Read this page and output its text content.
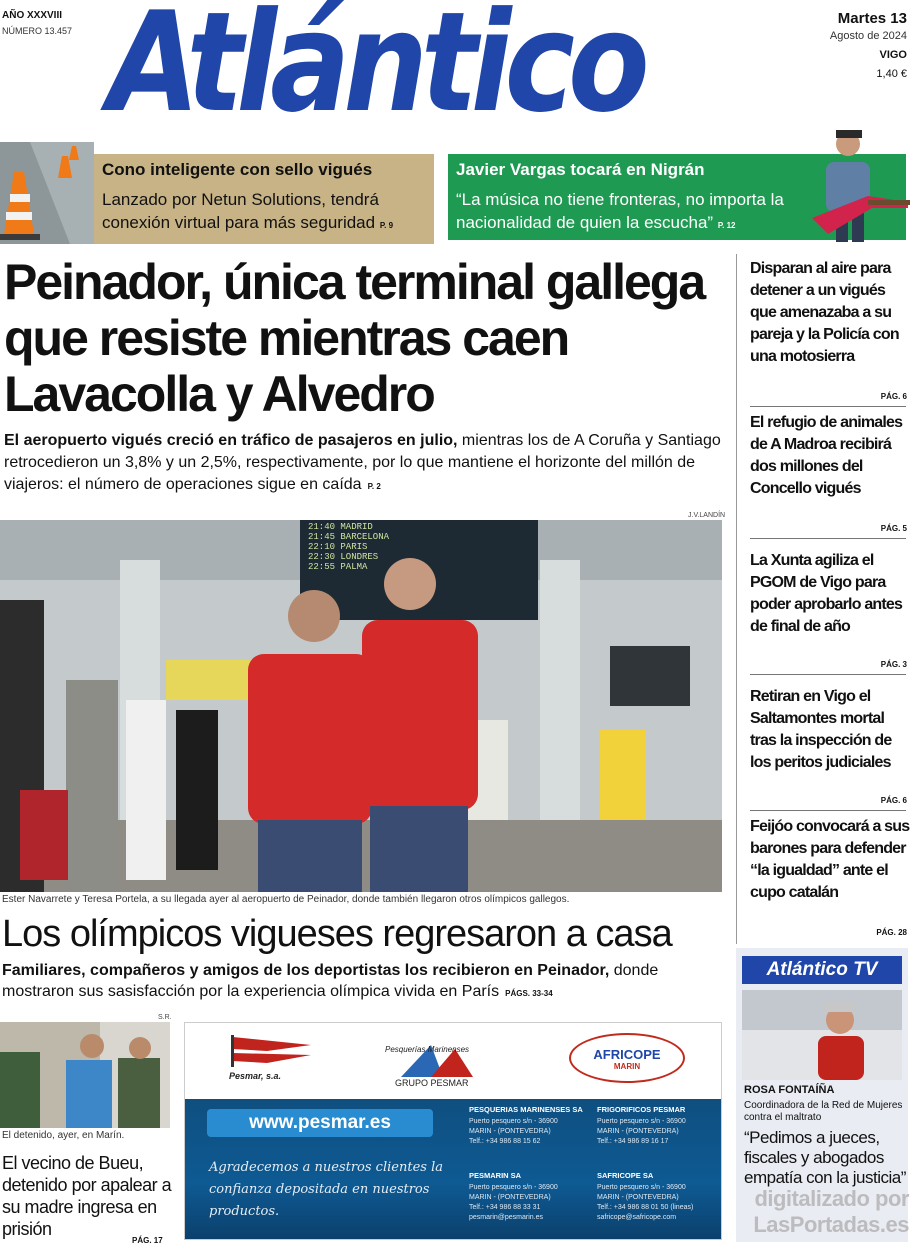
AÑO XXXVIII
NÚMERO 13.457 Atlántico	Martes 13
Agosto de 2024
VIGO
1,40 €
Cono inteligente con sello vigués
Lanzado por Netun Solutions, tendrá conexión virtual para más seguridad P. 9
Javier Vargas tocará en Nigrán
“La música no tiene fronteras, no importa la nacionalidad de quien la escucha” P. 12
Peinador, única terminal gallega que resiste mientras caen Lavacolla y Alvedro
El aeropuerto vigués creció en tráfico de pasajeros en julio, mientras los de A Coruña y Santiago retrocedieron un 3,8% y un 2,5%, respectivamente, por lo que mantiene el horizonte del millón de viajeros: el número de operaciones sigue en caída P. 2
J.V.LANDÍN
21:40 MADRID
21:45 BARCELONA
22:10 PARIS
22:30 LONDRES
22:55 PALMA
Ester Navarrete y Teresa Portela, a su llegada ayer al aeropuerto de Peinador, donde también llegaron otros olímpicos gallegos.
Los olímpicos vigueses regresaron a casa
Familiares, compañeros y amigos de los deportistas los recibieron en Peinador, donde mostraron sus sasisfacción por la experiencia olímpica vivida en París PÁGS. 33-34
S.R.
El detenido, ayer, en Marín.
El vecino de Bueu, detenido por apalear a su madre ingresa en prisión
PÁG. 17
Pesmar, s.a.
Pesquerías Marinenses
GRUPO PESMAR
AFRICOPE
MARIN
www.pesmar.es
Agradecemos a nuestros clientes la confianza depositada en nuestros productos.
PESQUERIAS MARINENSES SA
Puerto pesquero s/n - 36900
MARIN - (PONTEVEDRA)
Telf.: +34 986 88 15 62
FRIGORIFICOS PESMAR
Puerto pesquero s/n - 36900
MARIN - (PONTEVEDRA)
Telf.: +34 986 89 16 17
PESMARIN SA
Puerto pesquero s/n - 36900
MARIN - (PONTEVEDRA)
Telf.: +34 986 88 33 31
pesmarin@pesmarin.es
SAFRICOPE SA
Puerto pesquero s/n - 36900
MARIN - (PONTEVEDRA)
Telf.: +34 986 88 01 50 (lineas)
safricope@safricope.com
Disparan al aire para detener a un vigués que amenazaba a su pareja y la Policía con una motosierra
PÁG. 6
El refugio de animales de A Madroa recibirá dos millones del Concello vigués
PÁG. 5
La Xunta agiliza el PGOM de Vigo para poder aprobarlo antes de final de año
PÁG. 3
Retiran en Vigo el Saltamontes mortal tras la inspección de los peritos judiciales
PÁG. 6
Feijóo convocará a sus barones para defender “la igualdad” ante el cupo catalán
PÁG. 28
Atlántico TV
ROSA FONTAÍÑA
Coordinadora de la Red de Mujeres contra el maltrato
“Pedimos a jueces, fiscales y abogados empatía con la justicia”
digitalizado por
LasPortadas.es
